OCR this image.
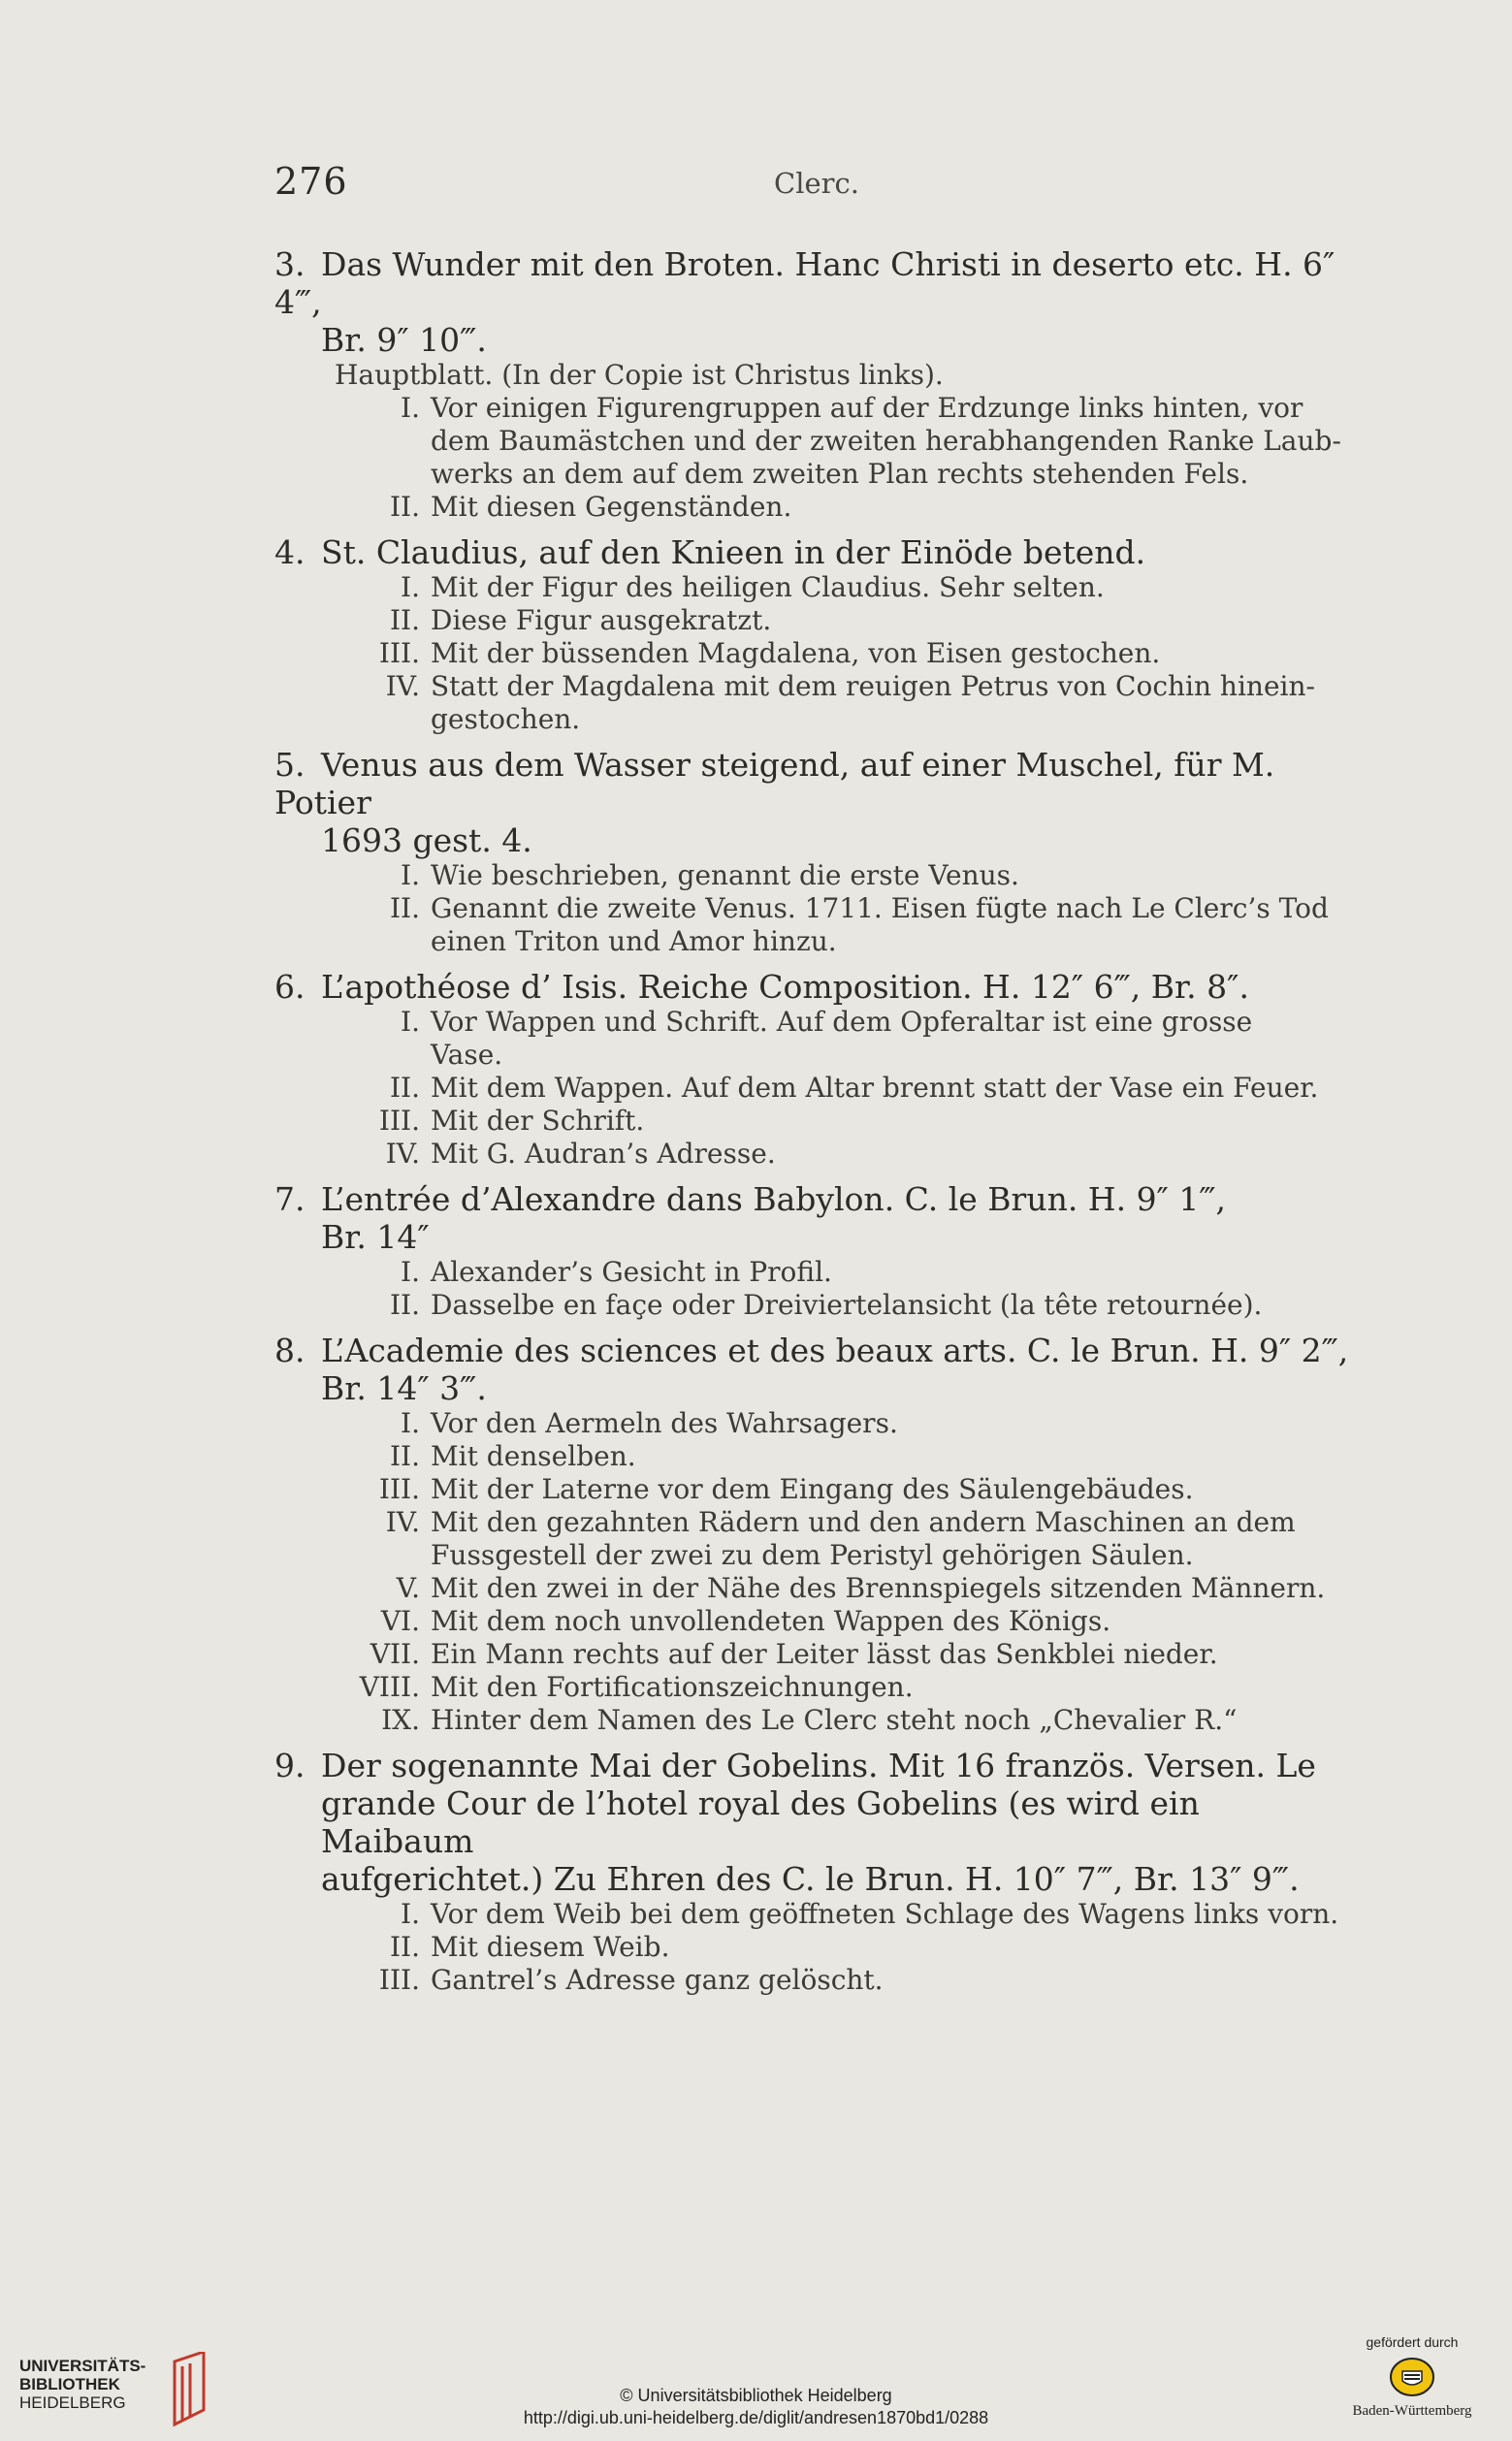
276	Clerc.

3. Das Wunder mit den Broten. Hanc Christi in deserto etc. H. 6″ 4‴,

Br. 9″ 10‴.

Hauptblatt. (In der Copie ist Christus links).

I. Vor einigen Figurengruppen auf der Erdzunge links hinten, vor

dem Baumästchen und der zweiten herabhangenden Ranke Laub-

werks an dem auf dem zweiten Plan rechts stehenden Fels.

II. Mit diesen Gegenständen.

4. St. Claudius, auf den Knieen in der Einöde betend.

I. Mit der Figur des heiligen Claudius. Sehr selten.

II. Diese Figur ausgekratzt.

III. Mit der büssenden Magdalena, von Eisen gestochen.

IV. Statt der Magdalena mit dem reuigen Petrus von Cochin hinein-

gestochen.

5. Venus aus dem Wasser steigend, auf einer Muschel, für M. Potier

1693 gest. 4.

I. Wie beschrieben, genannt die erste Venus.

II. Genannt die zweite Venus. 1711. Eisen fügte nach Le Clerc’s Tod

einen Triton und Amor hinzu.

6. L’apothéose d’ Isis. Reiche Composition. H. 12″ 6‴, Br. 8″.

I. Vor Wappen und Schrift. Auf dem Opferaltar ist eine grosse

Vase.

II. Mit dem Wappen. Auf dem Altar brennt statt der Vase ein Feuer.

III. Mit der Schrift.

IV. Mit G. Audran’s Adresse.

7. L’entrée d’Alexandre dans Babylon. C. le Brun. H. 9″ 1‴,

Br. 14″

I. Alexander’s Gesicht in Profil.

II. Dasselbe en façe oder Dreiviertelansicht (la tête retournée).

8. L’Academie des sciences et des beaux arts. C. le Brun. H. 9″ 2‴,

Br. 14″ 3‴.

I. Vor den Aermeln des Wahrsagers.

II. Mit denselben.

III. Mit der Laterne vor dem Eingang des Säulengebäudes.

IV. Mit den gezahnten Rädern und den andern Maschinen an dem

Fussgestell der zwei zu dem Peristyl gehörigen Säulen.

V. Mit den zwei in der Nähe des Brennspiegels sitzenden Männern.

VI. Mit dem noch unvollendeten Wappen des Königs.

VII. Ein Mann rechts auf der Leiter lässt das Senkblei nieder.

VIII. Mit den Fortificationszeichnungen.

IX. Hinter dem Namen des Le Clerc steht noch „Chevalier R.“

9. Der sogenannte Mai der Gobelins. Mit 16 französ. Versen. Le

grande Cour de l’hotel royal des Gobelins (es wird ein Maibaum

aufgerichtet.) Zu Ehren des C. le Brun. H. 10″ 7‴, Br. 13″ 9‴.

I. Vor dem Weib bei dem geöffneten Schlage des Wagens links vorn.

II. Mit diesem Weib.

III. Gantrel’s Adresse ganz gelöscht.

UNIVERSITÄTS-
BIBLIOTHEK
HEIDELBERG	© Universitätsbibliothek Heidelberg
http://digi.ub.uni-heidelberg.de/diglit/andresen1870bd1/0288
gefördert durch
Baden-Württemberg
